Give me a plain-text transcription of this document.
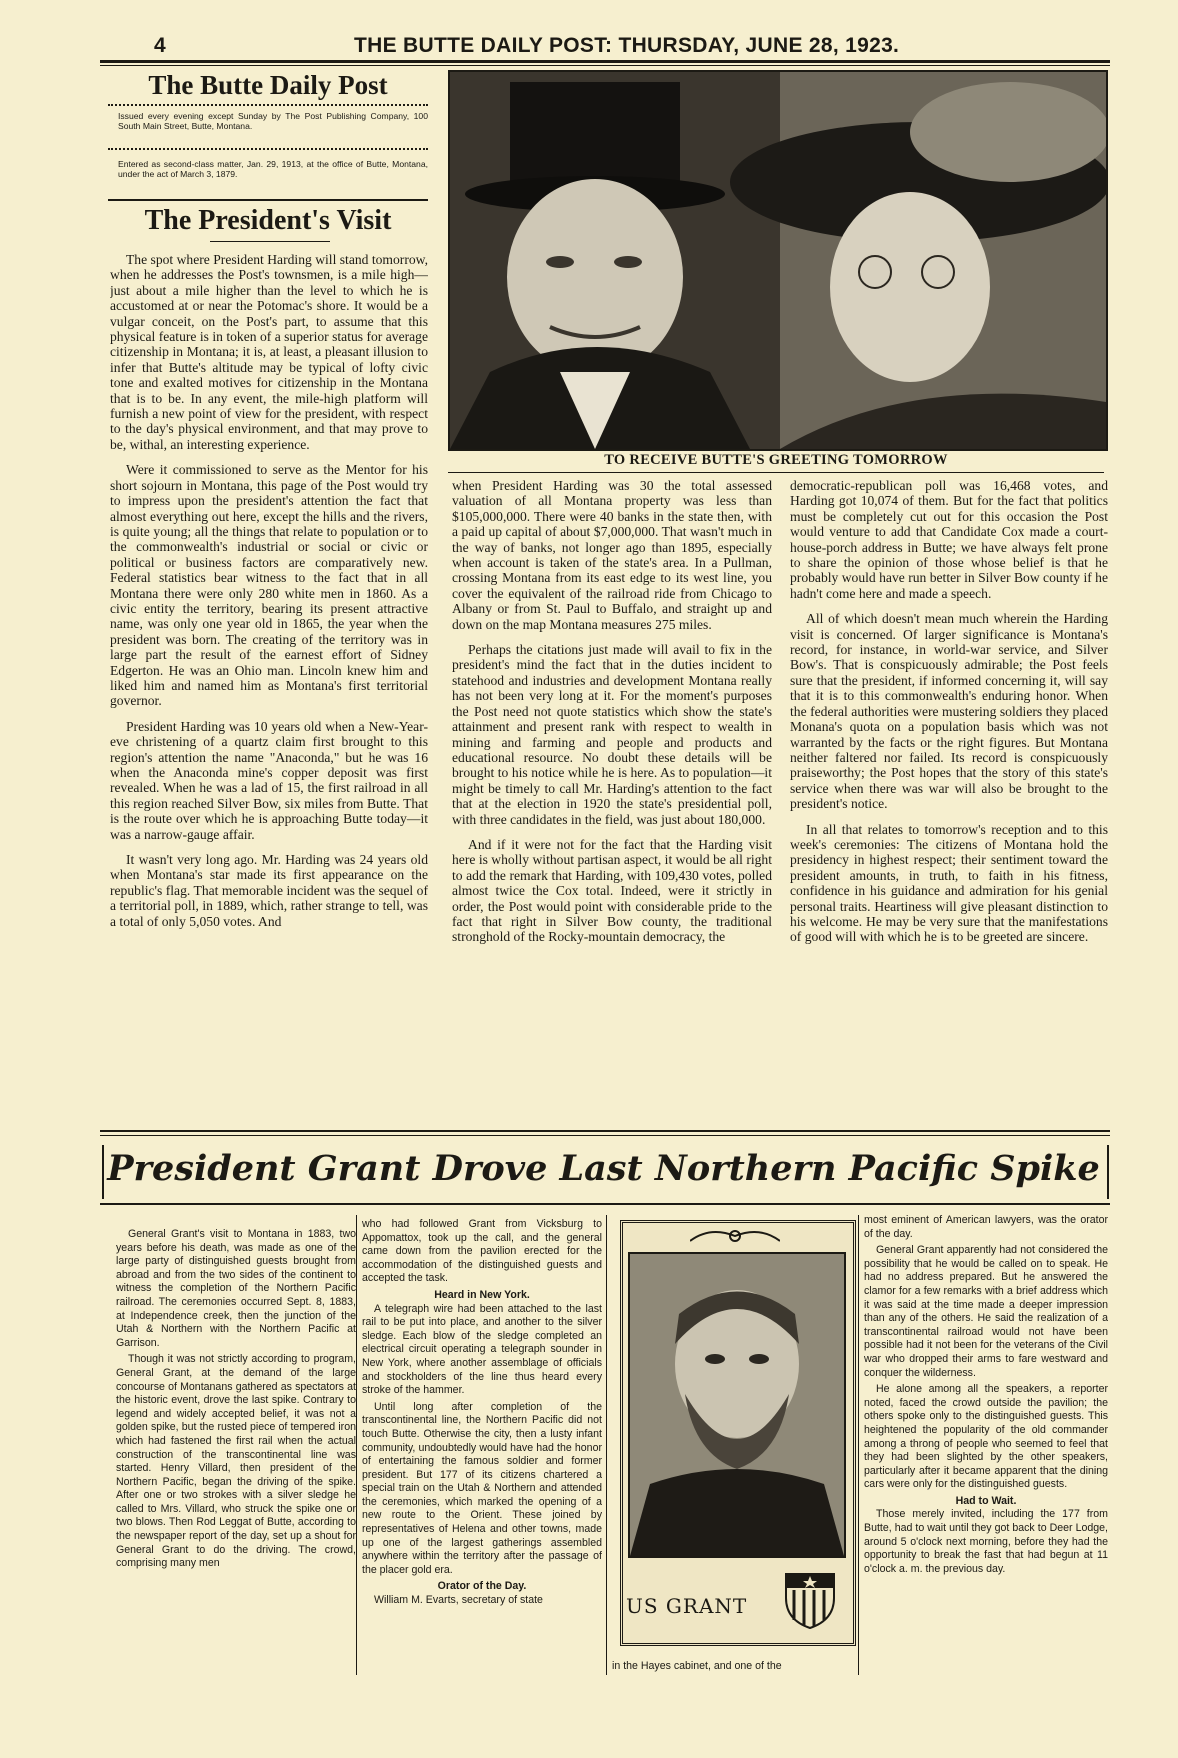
4	THE BUTTE DAILY POST: THURSDAY, JUNE 28, 1923.
The Butte Daily Post
Issued every evening except Sunday by The Post Publishing Company, 100 South Main Street, Butte, Montana.
Entered as second-class matter, Jan. 29, 1913, at the office of Butte, Montana, under the act of March 3, 1879.
The President's Visit

The spot where President Harding will stand tomorrow, when he addresses the Post's townsmen, is a mile high—just about a mile higher than the level to which he is accustomed at or near the Potomac's shore. It would be a vulgar conceit, on the Post's part, to assume that this physical feature is in token of a superior status for average citizenship in Montana; it is, at least, a pleasant illusion to infer that Butte's altitude may be typical of lofty civic tone and exalted motives for citizenship in the Montana that is to be. In any event, the mile-high platform will furnish a new point of view for the president, with respect to the day's physical environment, and that may prove to be, withal, an interesting experience.

Were it commissioned to serve as the Mentor for his short sojourn in Montana, this page of the Post would try to impress upon the president's attention the fact that almost everything out here, except the hills and the rivers, is quite young; all the things that relate to population or to the commonwealth's industrial or social or civic or political or business factors are comparatively new. Federal statistics bear witness to the fact that in all Montana there were only 280 white men in 1860. As a civic entity the territory, bearing its present attractive name, was only one year old in 1865, the year when the president was born. The creating of the territory was in large part the result of the earnest effort of Sidney Edgerton. He was an Ohio man. Lincoln knew him and liked him and named him as Montana's first territorial governor.

President Harding was 10 years old when a New-Year-eve christening of a quartz claim first brought to this region's attention the name "Anaconda," but he was 16 when the Anaconda mine's copper deposit was first revealed. When he was a lad of 15, the first railroad in all this region reached Silver Bow, six miles from Butte. That is the route over which he is approaching Butte today—it was a narrow-gauge affair.

It wasn't very long ago. Mr. Harding was 24 years old when Montana's star made its first appearance on the republic's flag. That memorable incident was the sequel of a territorial poll, in 1889, which, rather strange to tell, was a total of only 5,050 votes. And

TO RECEIVE BUTTE'S GREETING TOMORROW

when President Harding was 30 the total assessed valuation of all Montana property was less than $105,000,000. There were 40 banks in the state then, with a paid up capital of about $7,000,000. That wasn't much in the way of banks, not longer ago than 1895, especially when account is taken of the state's area. In a Pullman, crossing Montana from its east edge to its west line, you cover the equivalent of the railroad ride from Chicago to Albany or from St. Paul to Buffalo, and straight up and down on the map Montana measures 275 miles.

Perhaps the citations just made will avail to fix in the president's mind the fact that in the duties incident to statehood and industries and development Montana really has not been very long at it. For the moment's purposes the Post need not quote statistics which show the state's attainment and present rank with respect to wealth in mining and farming and people and products and educational resource. No doubt these details will be brought to his notice while he is here. As to population—it might be timely to call Mr. Harding's attention to the fact that at the election in 1920 the state's presidential poll, with three candidates in the field, was just about 180,000.

And if it were not for the fact that the Harding visit here is wholly without partisan aspect, it would be all right to add the remark that Harding, with 109,430 votes, polled almost twice the Cox total. Indeed, were it strictly in order, the Post would point with considerable pride to the fact that right in Silver Bow county, the traditional stronghold of the Rocky-mountain democracy, the

democratic-republican poll was 16,468 votes, and Harding got 10,074 of them. But for the fact that politics must be completely cut out for this occasion the Post would venture to add that Candidate Cox made a court-house-porch address in Butte; we have always felt prone to share the opinion of those whose belief is that he probably would have run better in Silver Bow county if he hadn't come here and made a speech.

All of which doesn't mean much wherein the Harding visit is concerned. Of larger significance is Montana's record, for instance, in world-war service, and Silver Bow's. That is conspicuously admirable; the Post feels sure that the president, if informed concerning it, will say that it is to this commonwealth's enduring honor. When the federal authorities were mustering soldiers they placed Monana's quota on a population basis which was not warranted by the facts or the right figures. But Montana neither faltered nor failed. Its record is conspicuously praiseworthy; the Post hopes that the story of this state's service when there was war will also be brought to the president's notice.

In all that relates to tomorrow's reception and to this week's ceremonies: The citizens of Montana hold the presidency in highest respect; their sentiment toward the president amounts, in truth, to faith in his fitness, confidence in his guidance and admiration for his genial personal traits. Heartiness will give pleasant distinction to his welcome. He may be very sure that the manifestations of good will with which he is to be greeted are sincere.

President Grant Drove Last Northern Pacific Spike

General Grant's visit to Montana in 1883, two years before his death, was made as one of the large party of distinguished guests brought from abroad and from the two sides of the continent to witness the completion of the Northern Pacific railroad. The ceremonies occurred Sept. 8, 1883, at Independence creek, then the junction of the Utah & Northern with the Northern Pacific at Garrison.

Though it was not strictly according to program, General Grant, at the demand of the large concourse of Montanans gathered as spectators at the historic event, drove the last spike. Contrary to legend and widely accepted belief, it was not a golden spike, but the rusted piece of tempered iron which had fastened the first rail when the actual construction of the transcontinental line was started. Henry Villard, then president of the Northern Pacific, began the driving of the spike. After one or two strokes with a silver sledge he called to Mrs. Villard, who struck the spike one or two blows. Then Rod Leggat of Butte, according to the newspaper report of the day, set up a shout for General Grant to do the driving. The crowd, comprising many men

who had followed Grant from Vicksburg to Appomattox, took up the call, and the general came down from the pavilion erected for the accommodation of the distinguished guests and accepted the task.

Heard in New York.

A telegraph wire had been attached to the last rail to be put into place, and another to the silver sledge. Each blow of the sledge completed an electrical circuit operating a telegraph sounder in New York, where another assemblage of officials and stockholders of the line thus heard every stroke of the hammer.

Until long after completion of the transcontinental line, the Northern Pacific did not touch Butte. Otherwise the city, then a lusty infant community, undoubtedly would have had the honor of entertaining the famous soldier and former president. But 177 of its citizens chartered a special train on the Utah & Northern and attended the ceremonies, which marked the opening of a new route to the Orient. These joined by representatives of Helena and other towns, made up one of the largest gatherings assembled anywhere within the territory after the passage of the placer gold era.

Orator of the Day.

William M. Evarts, secretary of state	US GRANT
in the Hayes cabinet, and one of the

most eminent of American lawyers, was the orator of the day.

General Grant apparently had not considered the possibility that he would be called on to speak. He had no address prepared. But he answered the clamor for a few remarks with a brief address which it was said at the time made a deeper impression than any of the others. He said the realization of a transcontinental railroad would not have been possible had it not been for the veterans of the Civil war who dropped their arms to fare westward and conquer the wilderness.

He alone among all the speakers, a reporter noted, faced the crowd outside the pavilion; the others spoke only to the distinguished guests. This heightened the popularity of the old commander among a throng of people who seemed to feel that they had been slighted by the other speakers, particularly after it became apparent that the dining cars were only for the distinguished guests.

Had to Wait.

Those merely invited, including the 177 from Butte, had to wait until they got back to Deer Lodge, around 5 o'clock next morning, before they had the opportunity to break the fast that had begun at 11 o'clock a. m. the previous day.
